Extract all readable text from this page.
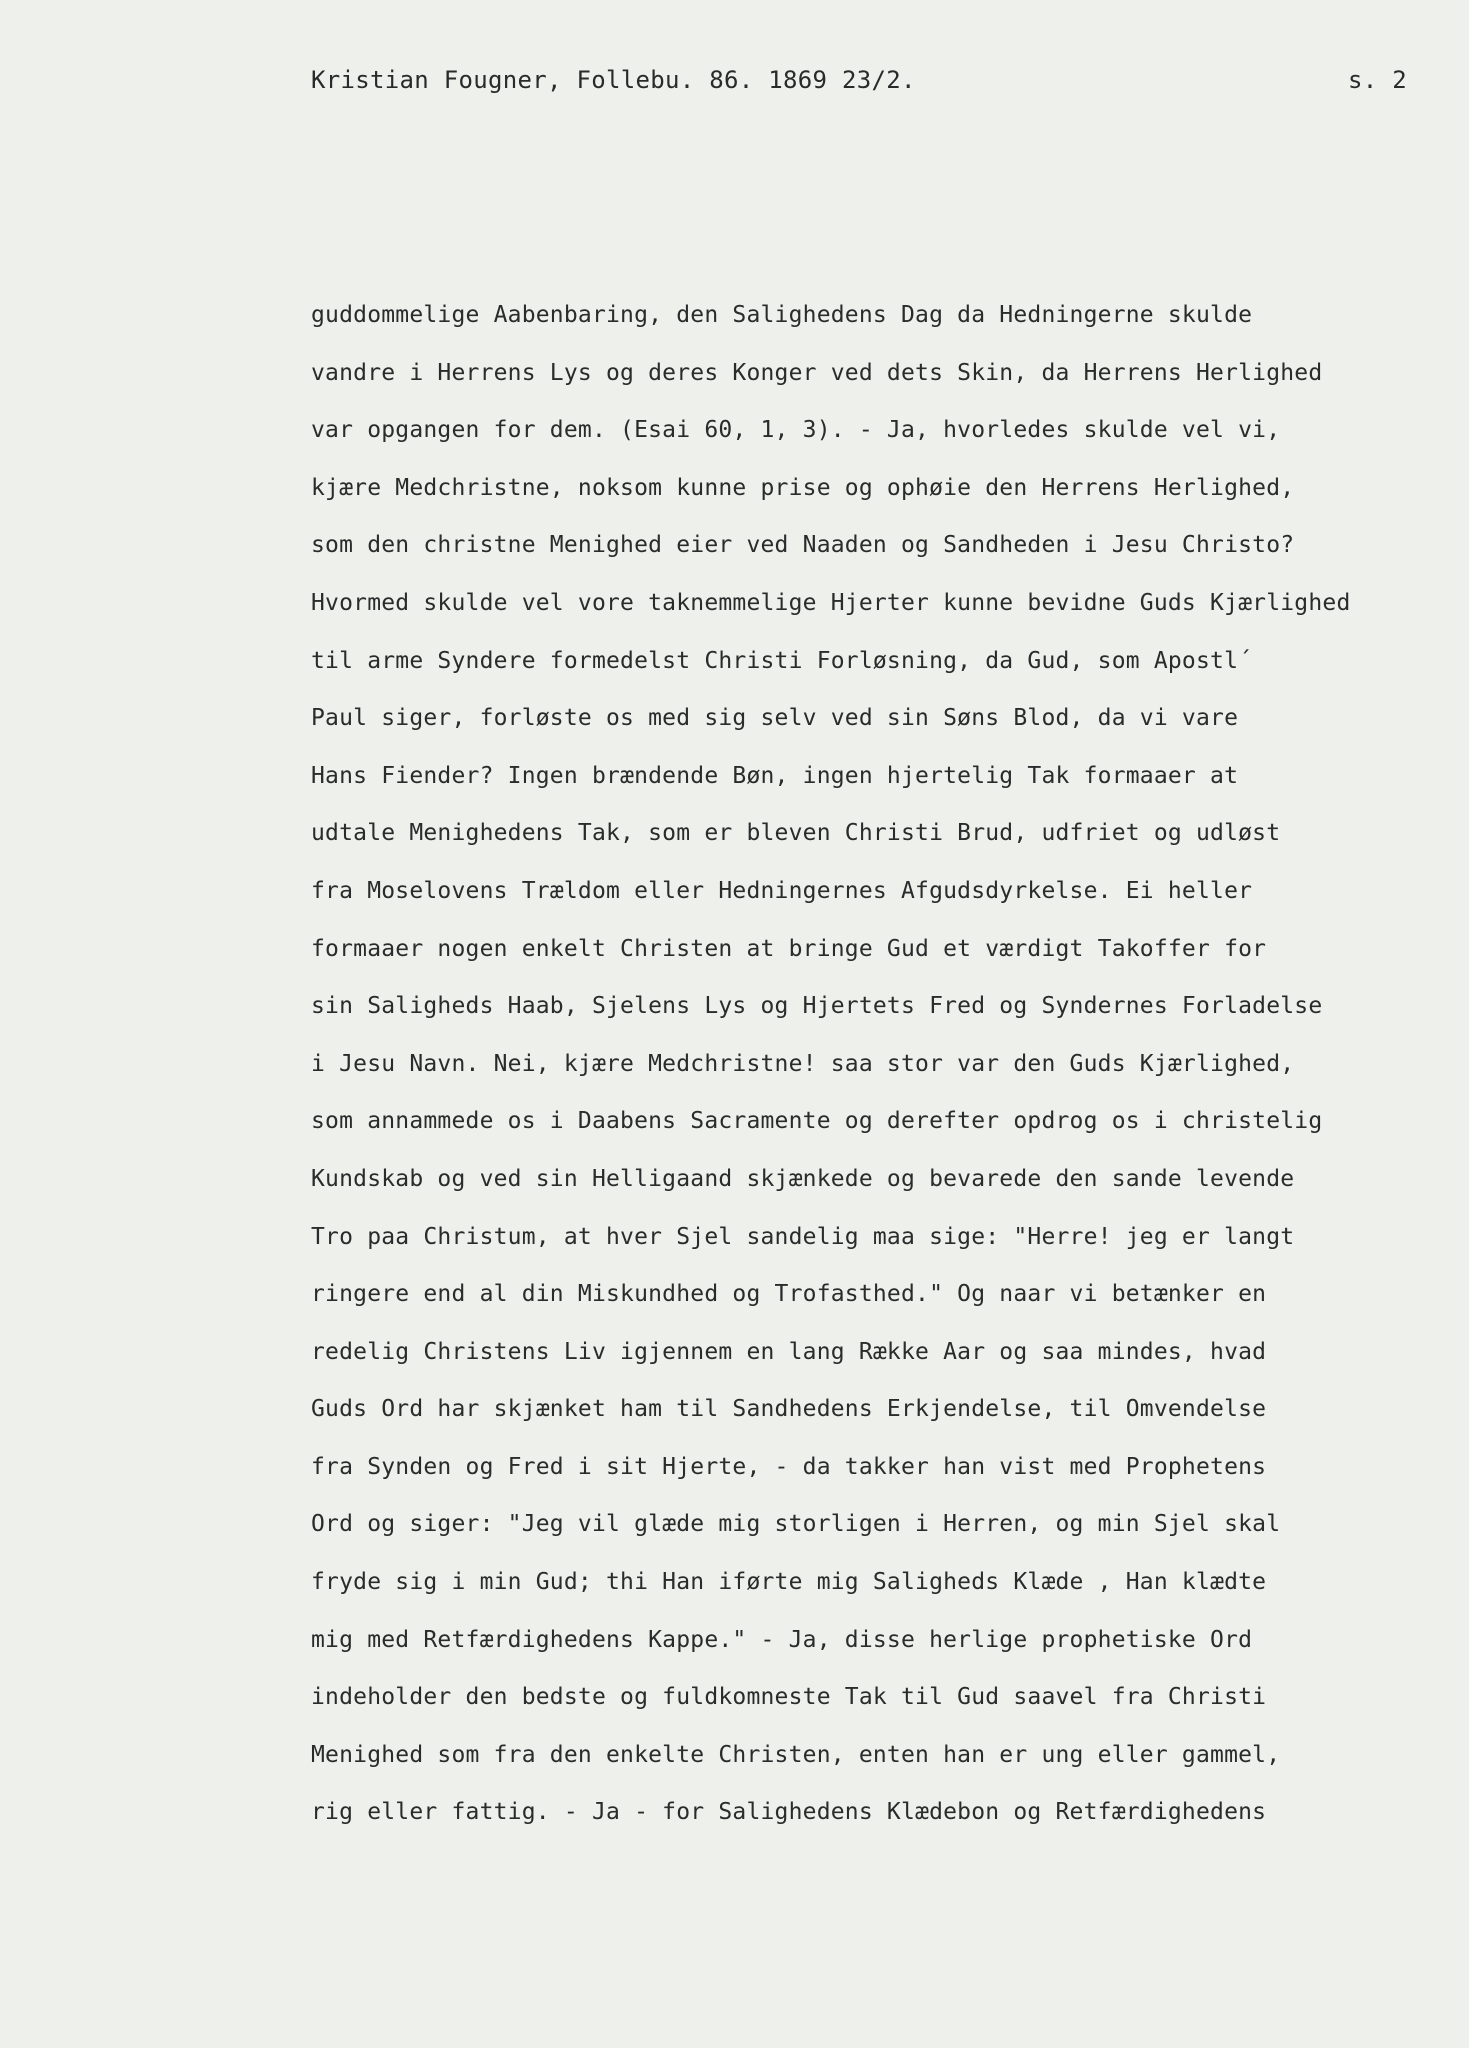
Kristian Fougner, Follebu. 86. 1869 23/2.	s. 2
guddommelige Aabenbaring, den Salighedens Dag da Hedningerne skulde
vandre i Herrens Lys og deres Konger ved dets Skin, da Herrens Herlighed
var opgangen for dem. (Esai 60, 1, 3). - Ja, hvorledes skulde vel vi,
kjære Medchristne, noksom kunne prise og ophøie den Herrens Herlighed,
som den christne Menighed eier ved Naaden og Sandheden i Jesu Christo?
Hvormed skulde vel vore taknemmelige Hjerter kunne bevidne Guds Kjærlighed
til arme Syndere formedelst Christi Forløsning, da Gud, som Apostl´
Paul siger, forløste os med sig selv ved sin Søns Blod, da vi vare
Hans Fiender? Ingen brændende Bøn, ingen hjertelig Tak formaaer at
udtale Menighedens Tak, som er bleven Christi Brud, udfriet og udløst
fra Moselovens Trældom eller Hedningernes Afgudsdyrkelse. Ei heller
formaaer nogen enkelt Christen at bringe Gud et værdigt Takoffer for
sin Saligheds Haab, Sjelens Lys og Hjertets Fred og Syndernes Forladelse
i Jesu Navn. Nei, kjære Medchristne! saa stor var den Guds Kjærlighed,
som annammede os i Daabens Sacramente og derefter opdrog os i christelig
Kundskab og ved sin Helligaand skjænkede og bevarede den sande levende
Tro paa Christum, at hver Sjel sandelig maa sige: "Herre! jeg er langt
ringere end al din Miskundhed og Trofasthed." Og naar vi betænker en
redelig Christens Liv igjennem en lang Række Aar og saa mindes, hvad
Guds Ord har skjænket ham til Sandhedens Erkjendelse, til Omvendelse
fra Synden og Fred i sit Hjerte, - da takker han vist med Prophetens
Ord og siger: "Jeg vil glæde mig storligen i Herren, og min Sjel skal
fryde sig i min Gud; thi Han iførte mig Saligheds Klæde , Han klædte
mig med Retfærdighedens Kappe." - Ja, disse herlige prophetiske Ord
indeholder den bedste og fuldkomneste Tak til Gud saavel fra Christi
Menighed som fra den enkelte Christen, enten han er ung eller gammel,
rig eller fattig. - Ja - for Salighedens Klædebon og Retfærdighedens
